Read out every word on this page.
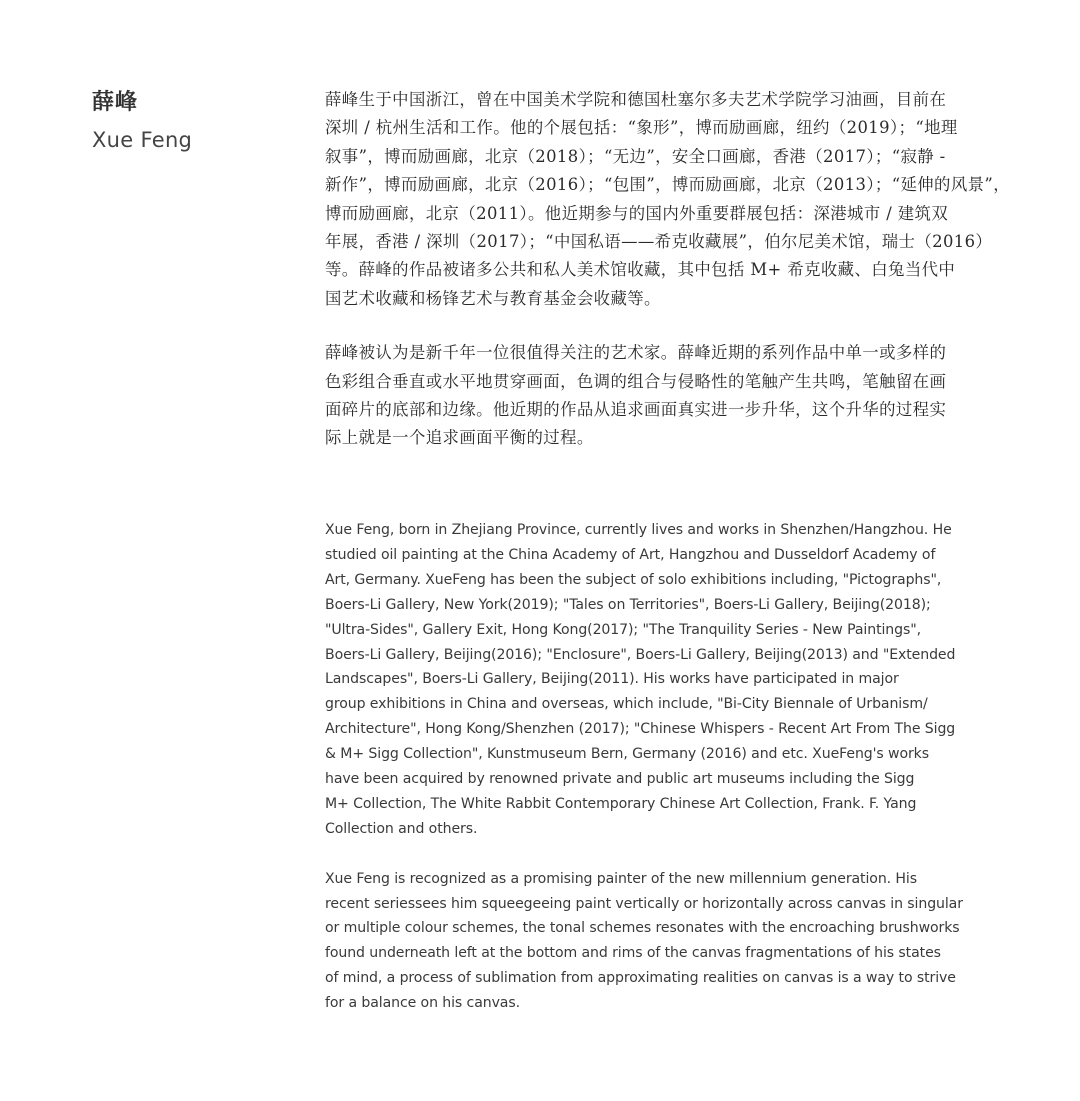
薛峰
Xue Feng

薛峰生于中国浙江，曾在中国美术学院和德国杜塞尔多夫艺术学院学习油画，目前在
深圳 / 杭州生活和工作。他的个展包括：“象形”，博而励画廊，纽约（2019）；“地理
叙事”，博而励画廊，北京（2018）；“无边”，安全口画廊，香港（2017）；“寂静 -
新作”，博而励画廊，北京（2016）；“包围”，博而励画廊，北京（2013）；“延伸的风景”，
博而励画廊，北京（2011）。他近期参与的国内外重要群展包括：深港城市 / 建筑双
年展，香港 / 深圳（2017）；“中国私语——希克收藏展”，伯尔尼美术馆，瑞士（2016）
等。薛峰的作品被诸多公共和私人美术馆收藏，其中包括 M+ 希克收藏、白兔当代中
国艺术收藏和杨锋艺术与教育基金会收藏等。

薛峰被认为是新千年一位很值得关注的艺术家。薛峰近期的系列作品中单一或多样的
色彩组合垂直或水平地贯穿画面，色调的组合与侵略性的笔触产生共鸣，笔触留在画
面碎片的底部和边缘。他近期的作品从追求画面真实进一步升华，这个升华的过程实
际上就是一个追求画面平衡的过程。

Xue Feng, born in Zhejiang Province, currently lives and works in Shenzhen/Hangzhou. He
studied oil painting at the China Academy of Art, Hangzhou and Dusseldorf Academy of
Art, Germany. XueFeng has been the subject of solo exhibitions including, "Pictographs",
Boers-Li Gallery, New York(2019); "Tales on Territories", Boers-Li Gallery, Beijing(2018);
"Ultra-Sides", Gallery Exit, Hong Kong(2017); "The Tranquility Series - New Paintings",
Boers-Li Gallery, Beijing(2016); "Enclosure", Boers-Li Gallery, Beijing(2013) and "Extended
Landscapes", Boers-Li Gallery, Beijing(2011). His works have participated in major
group exhibitions in China and overseas, which include, "Bi-City Biennale of Urbanism/
Architecture", Hong Kong/Shenzhen (2017); "Chinese Whispers - Recent Art From The Sigg
& M+ Sigg Collection", Kunstmuseum Bern, Germany (2016) and etc. XueFeng's works
have been acquired by renowned private and public art museums including the Sigg
M+ Collection, The White Rabbit Contemporary Chinese Art Collection, Frank. F. Yang
Collection and others.

Xue Feng is recognized as a promising painter of the new millennium generation. His
recent seriessees him squeegeeing paint vertically or horizontally across canvas in singular
or multiple colour schemes, the tonal schemes resonates with the encroaching brushworks
found underneath left at the bottom and rims of the canvas fragmentations of his states
of mind, a process of sublimation from approximating realities on canvas is a way to strive
for a balance on his canvas.
